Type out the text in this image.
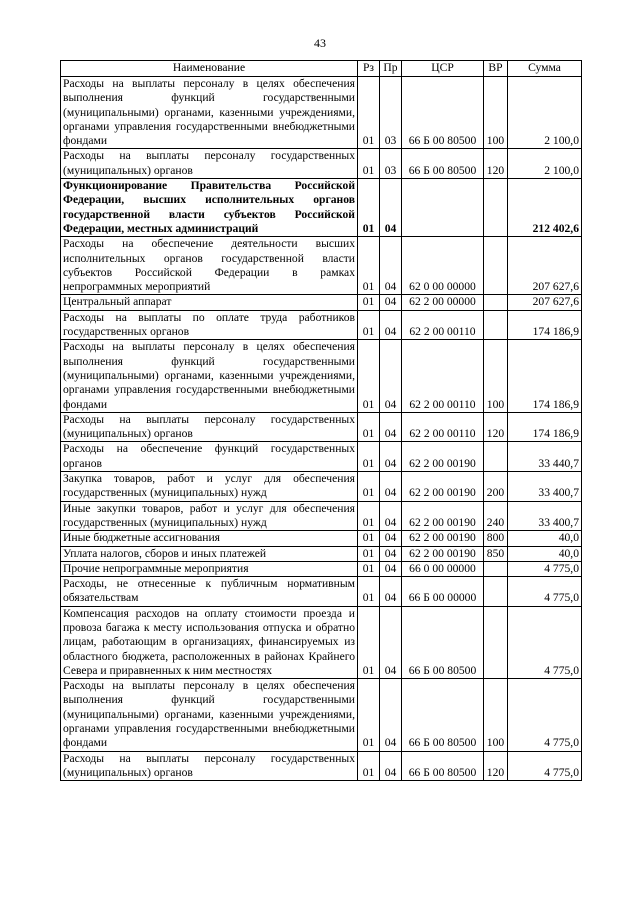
43
Наименование	Рз	Пр	ЦСР	ВР	Сумма
Расходы на выплаты персоналу в целях обеспечения выполнения функций государственными (муниципальными) органами, казенными учреждениями, органами управления государственными внебюджетными фондами	01	03	66 Б 00 80500	100	2 100,0
Расходы на выплаты персоналу государственных (муниципальных) органов	01	03	66 Б 00 80500	120	2 100,0
Функционирование Правительства Российской Федерации, высших исполнительных органов государственной власти субъектов Российской Федерации, местных администраций	01	04			212 402,6
Расходы на обеспечение деятельности высших исполнительных органов государственной власти субъектов Российской Федерации в рамках непрограммных мероприятий	01	04	62 0 00 00000		207 627,6
Центральный аппарат	01	04	62 2 00 00000		207 627,6
Расходы на выплаты по оплате труда работников государственных органов	01	04	62 2 00 00110		174 186,9
Расходы на выплаты персоналу в целях обеспечения выполнения функций государственными (муниципальными) органами, казенными учреждениями, органами управления государственными внебюджетными фондами	01	04	62 2 00 00110	100	174 186,9
Расходы на выплаты персоналу государственных (муниципальных) органов	01	04	62 2 00 00110	120	174 186,9
Расходы на обеспечение функций государственных органов	01	04	62 2 00 00190		33 440,7
Закупка товаров, работ и услуг для обеспечения государственных (муниципальных) нужд	01	04	62 2 00 00190	200	33 400,7
Иные закупки товаров, работ и услуг для обеспечения государственных (муниципальных) нужд	01	04	62 2 00 00190	240	33 400,7
Иные бюджетные ассигнования	01	04	62 2 00 00190	800	40,0
Уплата налогов, сборов и иных платежей	01	04	62 2 00 00190	850	40,0
Прочие непрограммные мероприятия	01	04	66 0 00 00000		4 775,0
Расходы, не отнесенные к публичным нормативным обязательствам	01	04	66 Б 00 00000		4 775,0
Компенсация расходов на оплату стоимости проезда и провоза багажа к месту использования отпуска и обратно лицам, работающим в организациях, финансируемых из областного бюджета, расположенных в районах Крайнего Севера и приравненных к ним местностях	01	04	66 Б 00 80500		4 775,0
Расходы на выплаты персоналу в целях обеспечения выполнения функций государственными (муниципальными) органами, казенными учреждениями, органами управления государственными внебюджетными фондами	01	04	66 Б 00 80500	100	4 775,0
Расходы на выплаты персоналу государственных (муниципальных) органов	01	04	66 Б 00 80500	120	4 775,0
